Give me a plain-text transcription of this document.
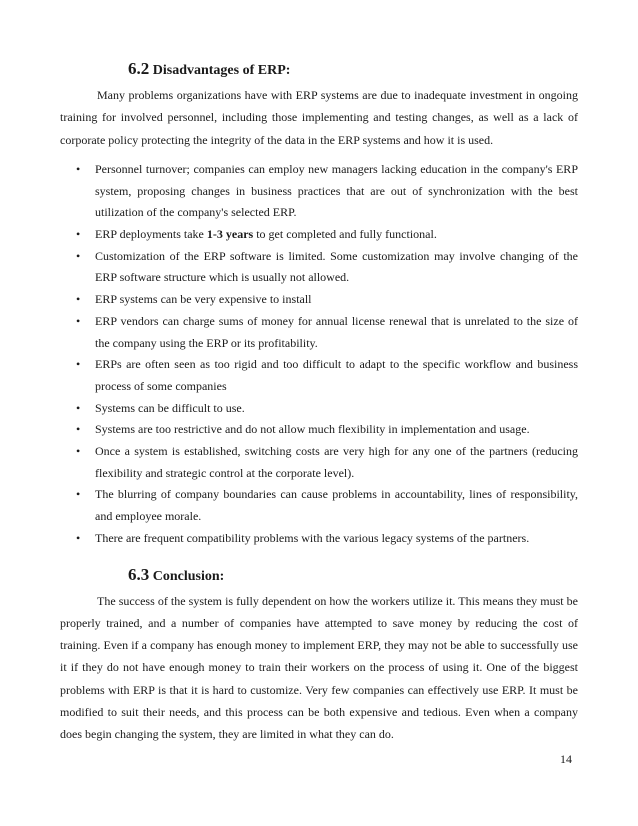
6.2 Disadvantages of ERP:

Many problems organizations have with ERP systems are due to inadequate investment in ongoing training for involved personnel, including those implementing and testing changes, as well as a lack of corporate policy protecting the integrity of the data in the ERP systems and how it is used.

• Personnel turnover; companies can employ new managers lacking education in the company's ERP system, proposing changes in business practices that are out of synchronization with the best utilization of the company's selected ERP.
• ERP deployments take 1-3 years to get completed and fully functional.
• Customization of the ERP software is limited. Some customization may involve changing of the ERP software structure which is usually not allowed.
• ERP systems can be very expensive to install
• ERP vendors can charge sums of money for annual license renewal that is unrelated to the size of the company using the ERP or its profitability.
• ERPs are often seen as too rigid and too difficult to adapt to the specific workflow and business process of some companies
• Systems can be difficult to use.
• Systems are too restrictive and do not allow much flexibility in implementation and usage.
• Once a system is established, switching costs are very high for any one of the partners (reducing flexibility and strategic control at the corporate level).
• The blurring of company boundaries can cause problems in accountability, lines of responsibility, and employee morale.
• There are frequent compatibility problems with the various legacy systems of the partners.
6.3 Conclusion:

The success of the system is fully dependent on how the workers utilize it. This means they must be properly trained, and a number of companies have attempted to save money by reducing the cost of training. Even if a company has enough money to implement ERP, they may not be able to successfully use it if they do not have enough money to train their workers on the process of using it. One of the biggest problems with ERP is that it is hard to customize. Very few companies can effectively use ERP. It must be modified to suit their needs, and this process can be both expensive and tedious. Even when a company does begin changing the system, they are limited in what they can do.

14
